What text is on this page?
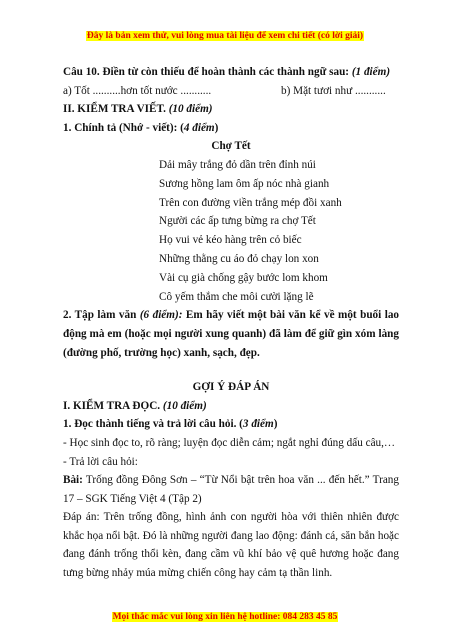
Đây là bản xem thử, vui lòng mua tài liệu để xem chi tiết (có lời giải)
Câu 10. Điền từ còn thiếu để hoàn thành các thành ngữ sau: (1 điểm)
a) Tốt ..........hơn tốt nước ...........	b) Mặt tươi như ...........
II. KIỂM TRA VIẾT. (10 điểm)
1. Chính tả (Nhớ - viết): (4 điểm)
Chợ Tết
Dải mây trắng đỏ dần trên đỉnh núi
Sương hồng lam ôm ấp nóc nhà gianh
Trên con đường viền trắng mép đồi xanh
Người các ấp tưng bừng ra chợ Tết
Họ vui vẻ kéo hàng trên cỏ biếc
Những thằng cu áo đỏ chạy lon xon
Vài cụ già chống gậy bước lom khom
Cô yếm thắm che môi cười lặng lẽ
2. Tập làm văn (6 điểm): Em hãy viết một bài văn kể về một buổi lao động mà em (hoặc mọi người xung quanh) đã làm để giữ gìn xóm làng (đường phố, trường học) xanh, sạch, đẹp.
GỢI Ý ĐÁP ÁN
I. KIỂM TRA ĐỌC. (10 điểm)
1. Đọc thành tiếng và trả lời câu hỏi. (3 điểm)
- Học sinh đọc to, rõ ràng; luyện đọc diễn cảm; ngắt nghỉ đúng dấu câu,…
- Trả lời câu hỏi:
Bài: Trống đồng Đông Sơn – “Từ Nổi bật trên hoa văn ... đến hết.” Trang 17 – SGK Tiếng Việt 4 (Tập 2)
Đáp án: Trên trống đồng, hình ảnh con người hòa với thiên nhiên được khắc họa nổi bật. Đó là những người đang lao động: đánh cá, săn bắn hoặc đang đánh trống thổi kèn, đang cầm vũ khí bảo vệ quê hương hoặc đang tưng bừng nhảy múa mừng chiến công hay cảm tạ thần linh.
Mọi thắc mắc vui lòng xin liên hệ hotline: 084 283 45 85
